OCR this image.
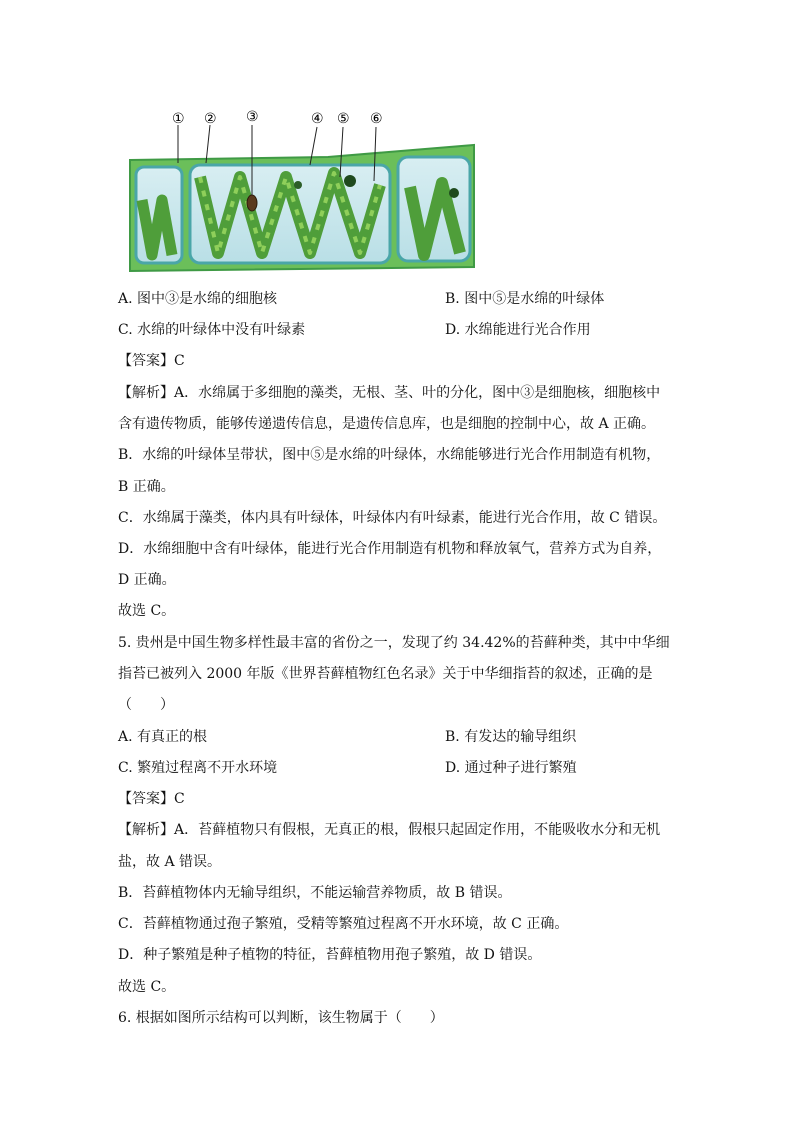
① ② ③	④ ⑤ ⑥
A. 图中③是水绵的细胞核	B. 图中⑤是水绵的叶绿体
C. 水绵的叶绿体中没有叶绿素	D. 水绵能进行光合作用
【答案】C
【解析】A．水绵属于多细胞的藻类，无根、茎、叶的分化，图中③是细胞核，细胞核中
含有遗传物质，能够传递遗传信息，是遗传信息库，也是细胞的控制中心，故 A 正确。
B．水绵的叶绿体呈带状，图中⑤是水绵的叶绿体，水绵能够进行光合作用制造有机物，
B 正确。
C．水绵属于藻类，体内具有叶绿体，叶绿体内有叶绿素，能进行光合作用，故 C 错误。
D．水绵细胞中含有叶绿体，能进行光合作用制造有机物和释放氧气，营养方式为自养，
D 正确。
故选 C。
5. 贵州是中国生物多样性最丰富的省份之一，发现了约 34.42%的苔藓种类，其中中华细
指苔已被列入 2000 年版《世界苔藓植物红色名录》关于中华细指苔的叙述，正确的是
（　　）
A. 有真正的根	B. 有发达的输导组织
C. 繁殖过程离不开水环境	D. 通过种子进行繁殖
【答案】C
【解析】A．苔藓植物只有假根，无真正的根，假根只起固定作用，不能吸收水分和无机
盐，故 A 错误。
B．苔藓植物体内无输导组织，不能运输营养物质，故 B 错误。
C．苔藓植物通过孢子繁殖，受精等繁殖过程离不开水环境，故 C 正确。
D．种子繁殖是种子植物的特征，苔藓植物用孢子繁殖，故 D 错误。
故选 C。
6. 根据如图所示结构可以判断，该生物属于（　　）
